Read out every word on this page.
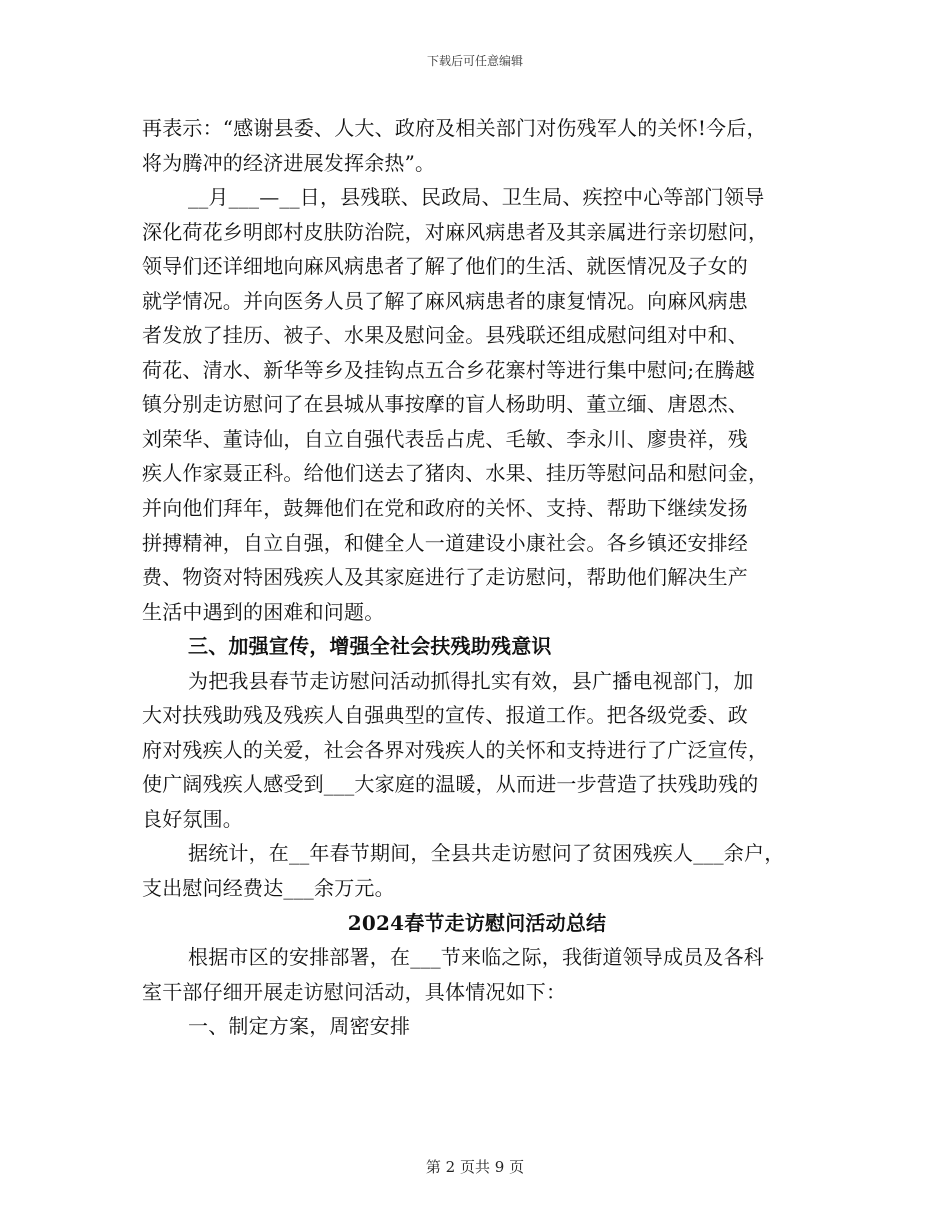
下载后可任意编辑
再表示：“感谢县委、人大、政府及相关部门对伤残军人的关怀!今后，
将为腾冲的经济进展发挥余热”。
__月___—__日，县残联、民政局、卫生局、疾控中心等部门领导
深化荷花乡明郎村皮肤防治院，对麻风病患者及其亲属进行亲切慰问，
领导们还详细地向麻风病患者了解了他们的生活、就医情况及子女的
就学情况。并向医务人员了解了麻风病患者的康复情况。向麻风病患
者发放了挂历、被子、水果及慰问金。县残联还组成慰问组对中和、
荷花、清水、新华等乡及挂钩点五合乡花寨村等进行集中慰问;在腾越
镇分别走访慰问了在县城从事按摩的盲人杨助明、董立缅、唐恩杰、
刘荣华、董诗仙，自立自强代表岳占虎、毛敏、李永川、廖贵祥，残
疾人作家聂正科。给他们送去了猪肉、水果、挂历等慰问品和慰问金，
并向他们拜年，鼓舞他们在党和政府的关怀、支持、帮助下继续发扬
拼搏精神，自立自强，和健全人一道建设小康社会。各乡镇还安排经
费、物资对特困残疾人及其家庭进行了走访慰问，帮助他们解决生产
生活中遇到的困难和问题。
三、加强宣传，增强全社会扶残助残意识
为把我县春节走访慰问活动抓得扎实有效，县广播电视部门，加
大对扶残助残及残疾人自强典型的宣传、报道工作。把各级党委、政
府对残疾人的关爱，社会各界对残疾人的关怀和支持进行了广泛宣传，
使广阔残疾人感受到___大家庭的温暖，从而进一步营造了扶残助残的
良好氛围。
据统计，在__年春节期间，全县共走访慰问了贫困残疾人___余户，
支出慰问经费达___余万元。
2024春节走访慰问活动总结
根据市区的安排部署，在___节来临之际，我街道领导成员及各科
室干部仔细开展走访慰问活动，具体情况如下：
一、制定方案，周密安排
第 2 页共 9 页
